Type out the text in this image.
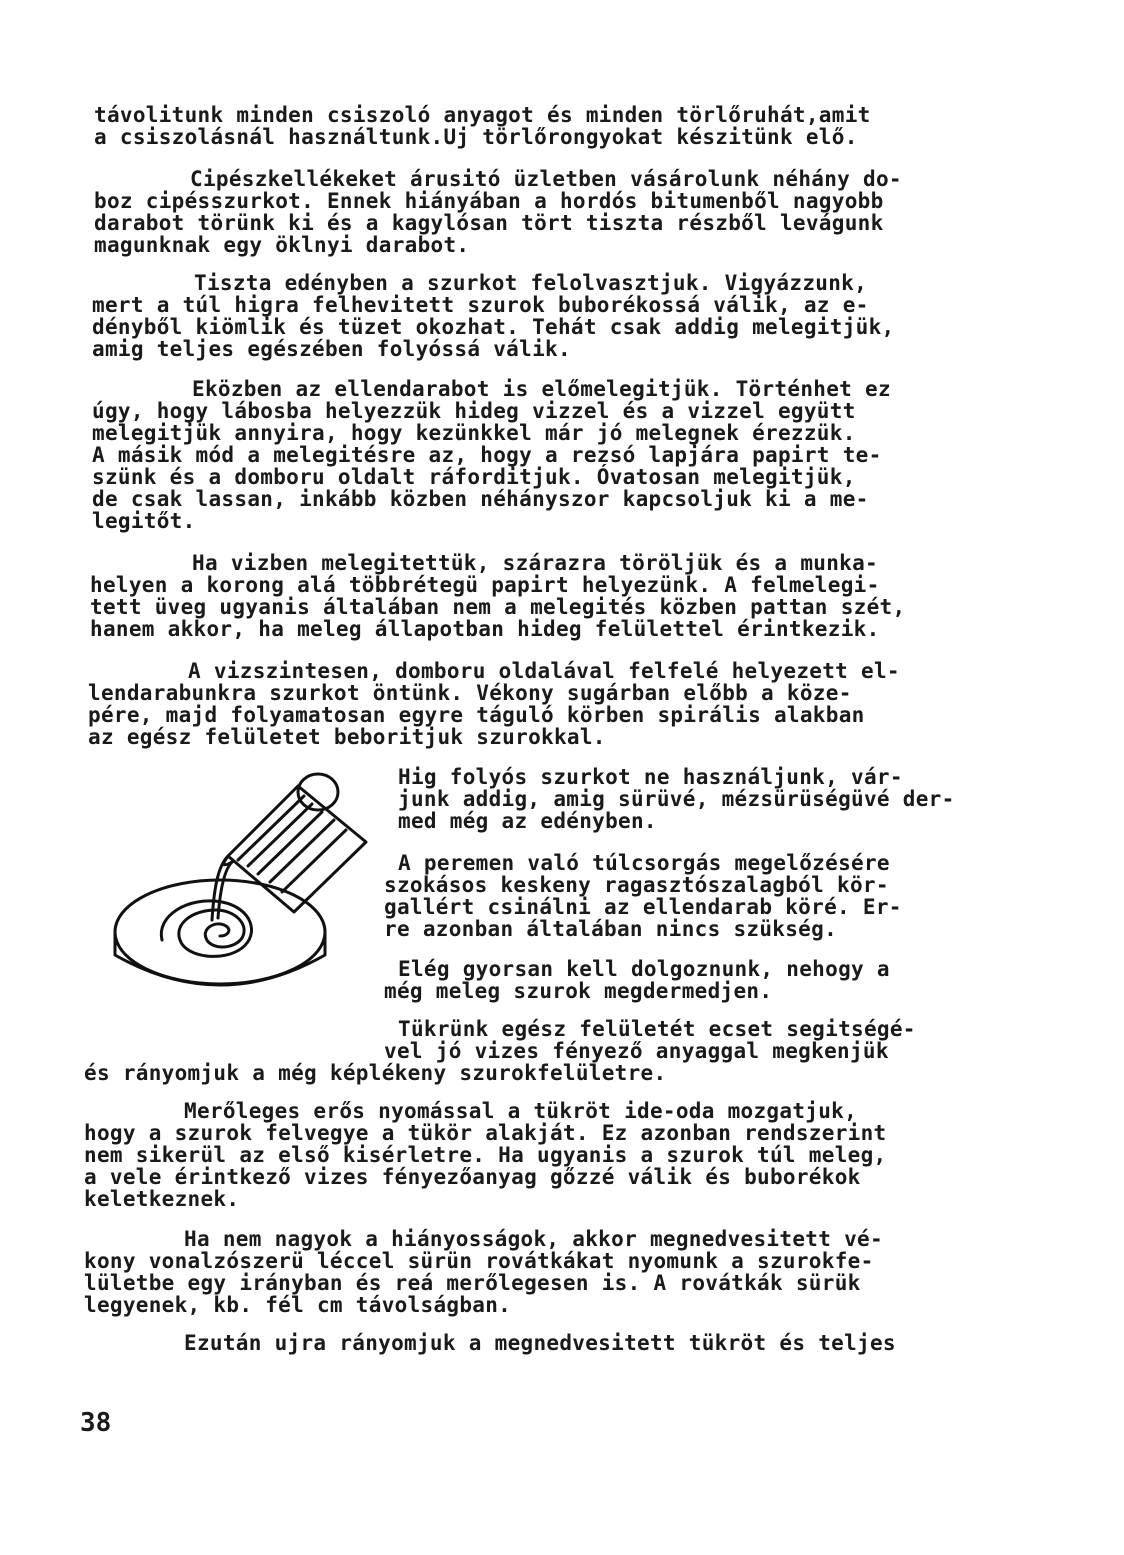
távolitunk minden csiszoló anyagot és minden törlőruhát,amit
a csiszolásnál használtunk.Uj törlőrongyokat készitünk elő.
Cipészkellékeket árusitó üzletben vásárolunk néhány do-
boz cipésszurkot. Ennek hiányában a hordós bitumenből nagyobb
darabot törünk ki és a kagylósan tört tiszta részből levágunk
magunknak egy öklnyi darabot.
Tiszta edényben a szurkot felolvasztjuk. Vigyázzunk,
mert a túl higra felhevitett szurok buborékossá válik, az e-
dényből kiömlik és tüzet okozhat. Tehát csak addig melegitjük,
amig teljes egészében folyóssá válik.
Eközben az ellendarabot is előmelegitjük. Történhet ez
úgy, hogy lábosba helyezzük hideg vizzel és a vizzel együtt
melegitjük annyira, hogy kezünkkel már jó melegnek érezzük.
A másik mód a melegitésre az, hogy a rezsó lapjára papirt te-
szünk és a domboru oldalt ráforditjuk. Óvatosan melegitjük,
de csak lassan, inkább közben néhányszor kapcsoljuk ki a me-
legitőt.
Ha vizben melegitettük, szárazra töröljük és a munka-
helyen a korong alá többrétegü papirt helyezünk. A felmelegi-
tett üveg ugyanis általában nem a melegités közben pattan szét,
hanem akkor, ha meleg állapotban hideg felülettel érintkezik.
A vizszintesen, domboru oldalával felfelé helyezett el-
lendarabunkra szurkot öntünk. Vékony sugárban előbb a köze-
pére, majd folyamatosan egyre táguló körben spirális alakban
az egész felületet beboritjuk szurokkal.
Hig folyós szurkot ne használjunk, vár-
junk addig, amig sürüvé, mézsürüségüvé der-
med még az edényben.
A peremen való túlcsorgás megelőzésére
szokásos keskeny ragasztószalagból kör-
gallért csinálni az ellendarab köré. Er-
re azonban általában nincs szükség.
Elég gyorsan kell dolgoznunk, nehogy a
még meleg szurok megdermedjen.
Tükrünk egész felületét ecset segitségé-
vel jó vizes fényező anyaggal megkenjük
és rányomjuk a még képlékeny szurokfelületre.
Merőleges erős nyomással a tükröt ide-oda mozgatjuk,
hogy a szurok felvegye a tükör alakját. Ez azonban rendszerint
nem sikerül az első kisérletre. Ha ugyanis a szurok túl meleg,
a vele érintkező vizes fényezőanyag gőzzé válik és buborékok
keletkeznek.
Ha nem nagyok a hiányosságok, akkor megnedvesitett vé-
kony vonalzószerü léccel sürün rovátkákat nyomunk a szurokfe-
lületbe egy irányban és reá merőlegesen is. A rovátkák sürük
legyenek, kb. fél cm távolságban.
Ezután ujra rányomjuk a megnedvesitett tükröt és teljes
38
